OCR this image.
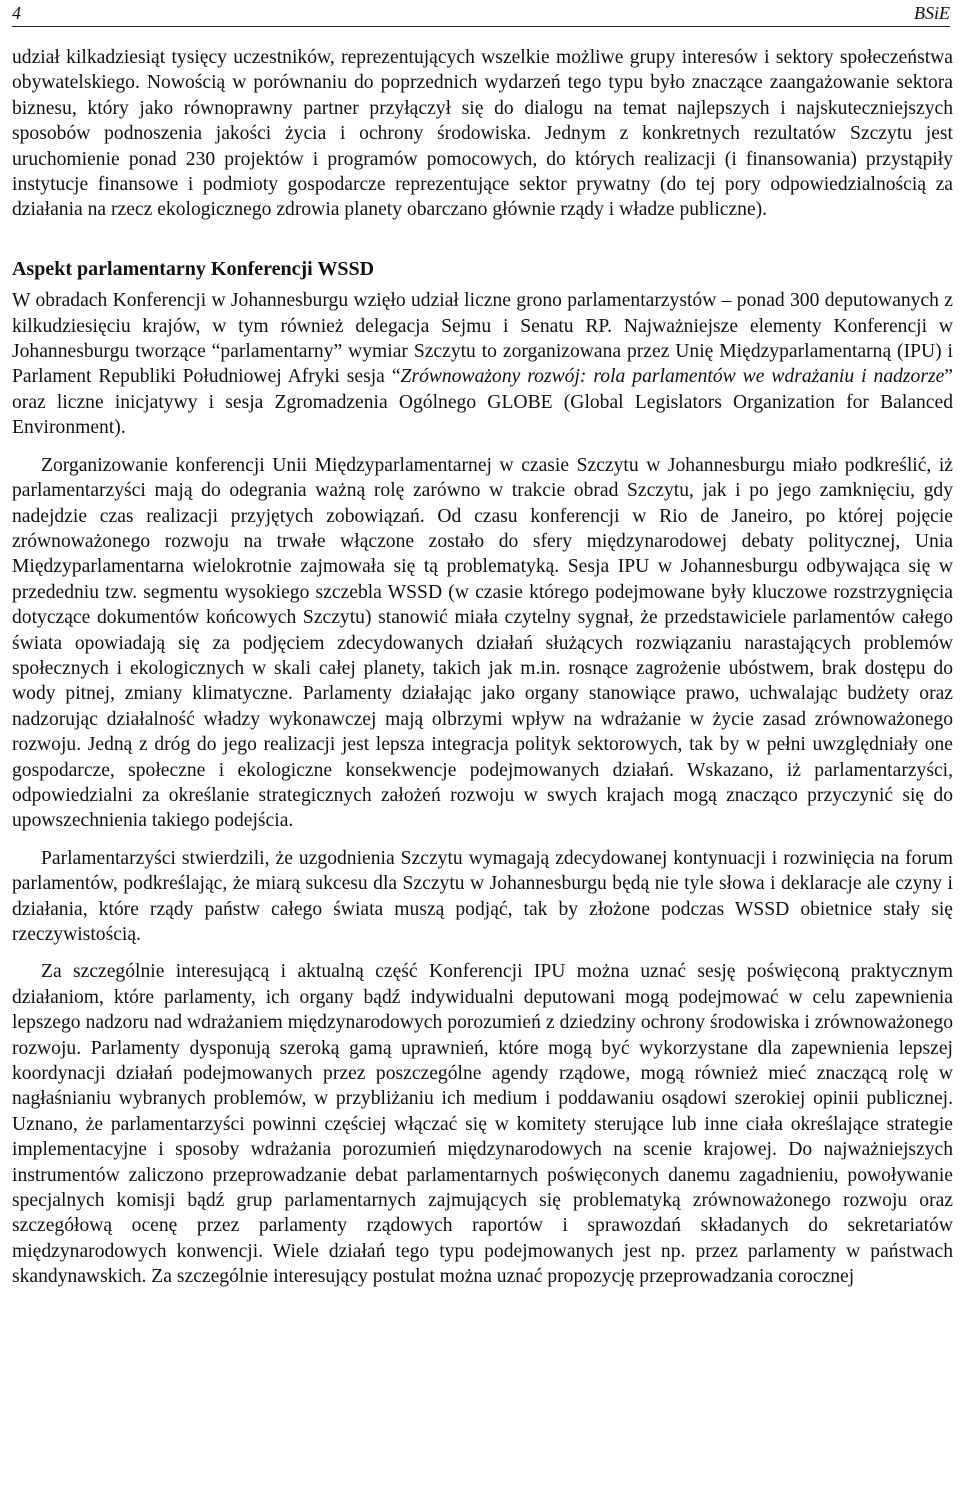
4	BSiE

udział kilkadziesiąt tysięcy uczestników, reprezentujących wszelkie możliwe grupy interesów i sektory społeczeństwa obywatelskiego. Nowością w porównaniu do poprzednich wydarzeń tego typu było znaczące zaangażowanie sektora biznesu, który jako równoprawny partner przyłączył się do dialogu na temat najlepszych i najskuteczniejszych sposobów podnoszenia jakości życia i ochrony środowiska. Jednym z konkretnych rezultatów Szczytu jest uruchomienie ponad 230 projektów i programów pomocowych, do których realizacji (i finansowania) przystąpiły instytucje finansowe i podmioty gospodarcze reprezentujące sektor prywatny (do tej pory odpowiedzialnością za działania na rzecz ekologicznego zdrowia planety obarczano głównie rządy i władze publiczne).

Aspekt parlamentarny Konferencji WSSD

W obradach Konferencji w Johannesburgu wzięło udział liczne grono parlamentarzystów – ponad 300 deputowanych z kilkudziesięciu krajów, w tym również delegacja Sejmu i Senatu RP. Najważniejsze elementy Konferencji w Johannesburgu tworzące “parlamentarny” wymiar Szczytu to zorganizowana przez Unię Międzyparlamentarną (IPU) i Parlament Republiki Południowej Afryki sesja “Zrównoważony rozwój: rola parlamentów we wdrażaniu i nadzorze” oraz liczne inicjatywy i sesja Zgromadzenia Ogólnego GLOBE (Global Legislators Organization for Balanced Environment).

Zorganizowanie konferencji Unii Międzyparlamentarnej w czasie Szczytu w Johannesburgu miało podkreślić, iż parlamentarzyści mają do odegrania ważną rolę zarówno w trakcie obrad Szczytu, jak i po jego zamknięciu, gdy nadejdzie czas realizacji przyjętych zobowiązań. Od czasu konferencji w Rio de Janeiro, po której pojęcie zrównoważonego rozwoju na trwałe włączone zostało do sfery międzynarodowej debaty politycznej, Unia Międzyparlamentarna wielokrotnie zajmowała się tą problematyką. Sesja IPU w Johannesburgu odbywająca się w przededniu tzw. segmentu wysokiego szczebla WSSD (w czasie którego podejmowane były kluczowe rozstrzygnięcia dotyczące dokumentów końcowych Szczytu) stanowić miała czytelny sygnał, że przedstawiciele parlamentów całego świata opowiadają się za podjęciem zdecydowanych działań służących rozwiązaniu narastających problemów społecznych i ekologicznych w skali całej planety, takich jak m.in. rosnące zagrożenie ubóstwem, brak dostępu do wody pitnej, zmiany klimatyczne. Parlamenty działając jako organy stanowiące prawo, uchwalając budżety oraz nadzorując działalność władzy wykonawczej mają olbrzymi wpływ na wdrażanie w życie zasad zrównoważonego rozwoju. Jedną z dróg do jego realizacji jest lepsza integracja polityk sektorowych, tak by w pełni uwzględniały one gospodarcze, społeczne i ekologiczne konsekwencje podejmowanych działań. Wskazano, iż parlamentarzyści, odpowiedzialni za określanie strategicznych założeń rozwoju w swych krajach mogą znacząco przyczynić się do upowszechnienia takiego podejścia.

Parlamentarzyści stwierdzili, że uzgodnienia Szczytu wymagają zdecydowanej kontynuacji i rozwinięcia na forum parlamentów, podkreślając, że miarą sukcesu dla Szczytu w Johannesburgu będą nie tyle słowa i deklaracje ale czyny i działania, które rządy państw całego świata muszą podjąć, tak by złożone podczas WSSD obietnice stały się rzeczywistością.

Za szczególnie interesującą i aktualną część Konferencji IPU można uznać sesję poświęconą praktycznym działaniom, które parlamenty, ich organy bądź indywidualni deputowani mogą podejmować w celu zapewnienia lepszego nadzoru nad wdrażaniem międzynarodowych porozumień z dziedziny ochrony środowiska i zrównoważonego rozwoju. Parlamenty dysponują szeroką gamą uprawnień, które mogą być wykorzystane dla zapewnienia lepszej koordynacji działań podejmowanych przez poszczególne agendy rządowe, mogą również mieć znaczącą rolę w nagłaśnianiu wybranych problemów, w przybliżaniu ich medium i poddawaniu osądowi szerokiej opinii publicznej. Uznano, że parlamentarzyści powinni częściej włączać się w komitety sterujące lub inne ciała określające strategie implementacyjne i sposoby wdrażania porozumień międzynarodowych na scenie krajowej. Do najważniejszych instrumentów zaliczono przeprowadzanie debat parlamentarnych poświęconych danemu zagadnieniu, powoływanie specjalnych komisji bądź grup parlamentarnych zajmujących się problematyką zrównoważonego rozwoju oraz szczegółową ocenę przez parlamenty rządowych raportów i sprawozdań składanych do sekretariatów międzynarodowych konwencji. Wiele działań tego typu podejmowanych jest np. przez parlamenty w państwach skandynawskich. Za szczególnie interesujący postulat można uznać propozycję przeprowadzania corocznej
